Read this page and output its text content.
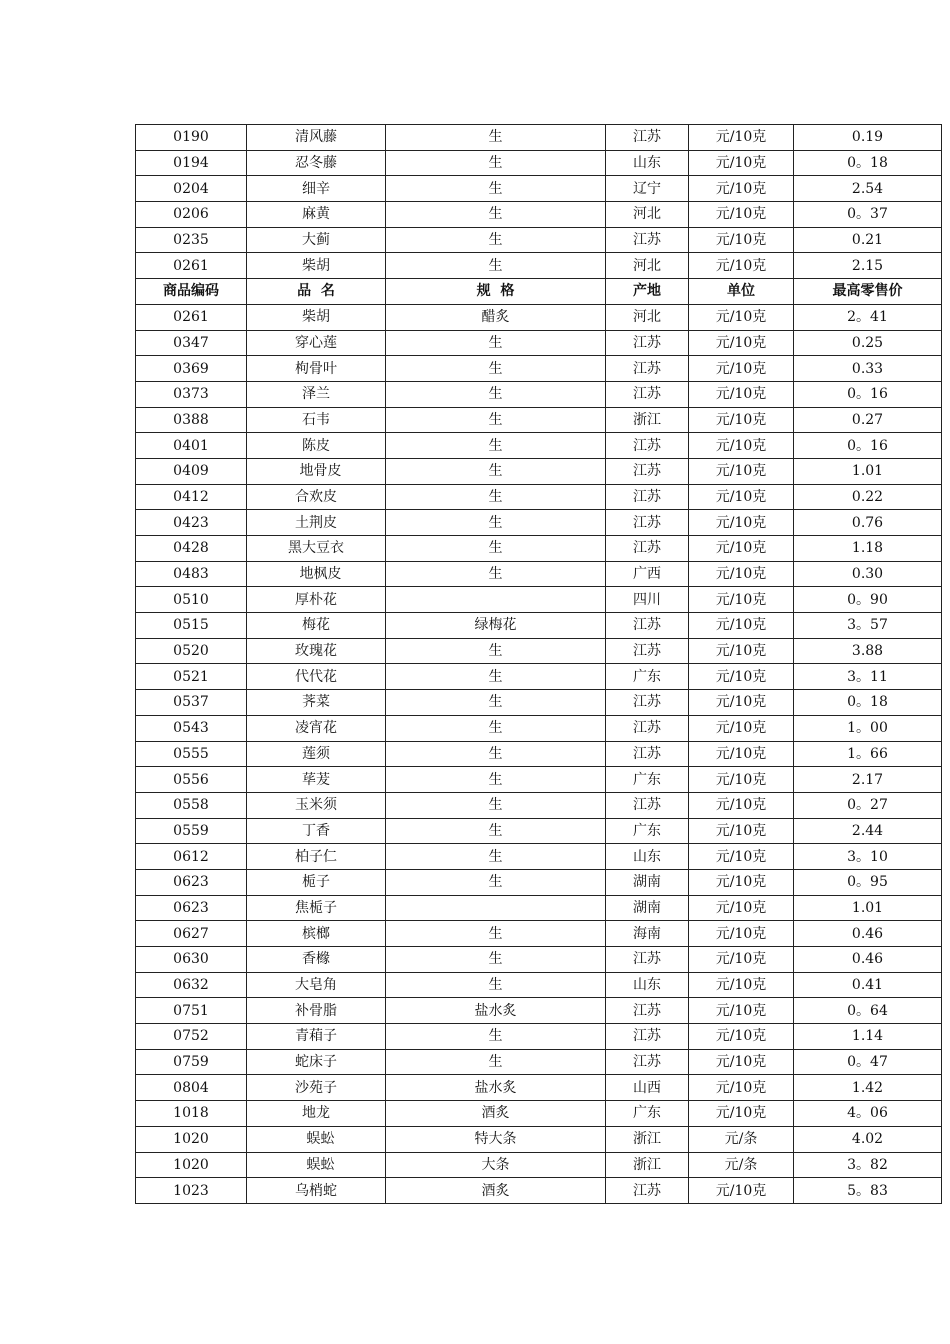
0190	清风藤	生	江苏	元/10克	0.19
0194	忍冬藤	生	山东	元/10克	0。18
0204	细辛	生	辽宁	元/10克	2.54
0206	麻黄	生	河北	元/10克	0。37
0235	大蓟	生	江苏	元/10克	0.21
0261	柴胡	生	河北	元/10克	2.15
商品编码	品  名	规  格	产地	单位	最高零售价
0261	柴胡	醋炙	河北	元/10克	2。41
0347	穿心莲	生	江苏	元/10克	0.25
0369	枸骨叶	生	江苏	元/10克	0.33
0373	泽兰	生	江苏	元/10克	0。16
0388	石韦	生	浙江	元/10克	0.27
0401	陈皮	生	江苏	元/10克	0。16
0409	地骨皮	生	江苏	元/10克	1.01
0412	合欢皮	生	江苏	元/10克	0.22
0423	土荆皮	生	江苏	元/10克	0.76
0428	黑大豆衣	生	江苏	元/10克	1.18
0483	地枫皮	生	广西	元/10克	0.30
0510	厚朴花		四川	元/10克	0。90
0515	梅花	绿梅花	江苏	元/10克	3。57
0520	玫瑰花	生	江苏	元/10克	3.88
0521	代代花	生	广东	元/10克	3。11
0537	荠菜	生	江苏	元/10克	0。18
0543	凌宵花	生	江苏	元/10克	1。00
0555	莲须	生	江苏	元/10克	1。66
0556	荜茇	生	广东	元/10克	2.17
0558	玉米须	生	江苏	元/10克	0。27
0559	丁香	生	广东	元/10克	2.44
0612	柏子仁	生	山东	元/10克	3。10
0623	栀子	生	湖南	元/10克	0。95
0623	焦栀子		湖南	元/10克	1.01
0627	槟榔	生	海南	元/10克	0.46
0630	香橼	生	江苏	元/10克	0.46
0632	大皂角	生	山东	元/10克	0.41
0751	补骨脂	盐水炙	江苏	元/10克	0。64
0752	青葙子	生	江苏	元/10克	1.14
0759	蛇床子	生	江苏	元/10克	0。47
0804	沙苑子	盐水炙	山西	元/10克	1.42
1018	地龙	酒炙	广东	元/10克	4。06
1020	蜈蚣	特大条	浙江	元/条	4.02
1020	蜈蚣	大条	浙江	元/条	3。82
1023	乌梢蛇	酒炙	江苏	元/10克	5。83
